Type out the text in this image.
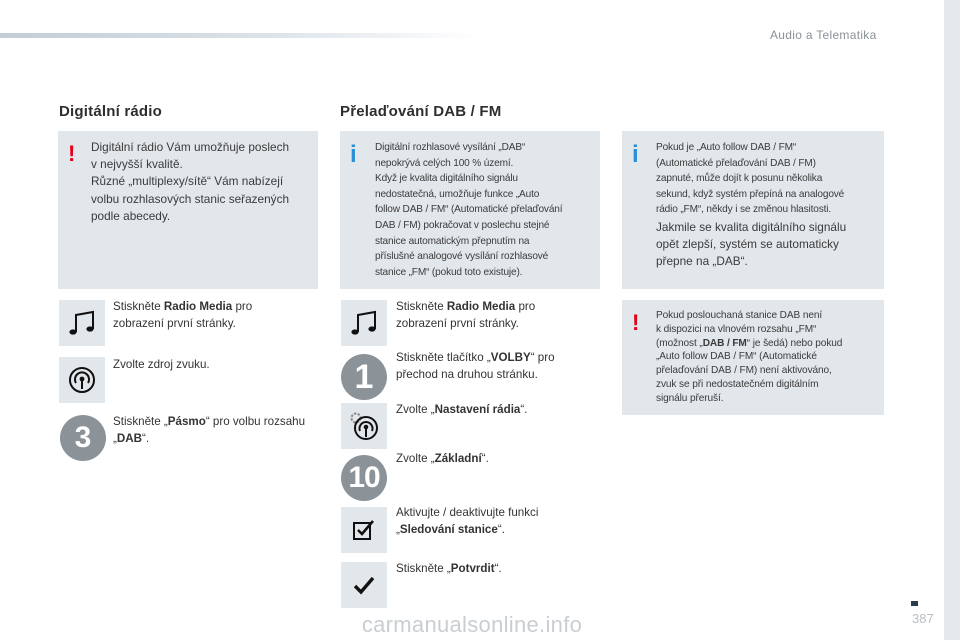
Audio a Telematika
Digitální rádio
! Digitální rádio Vám umožňuje poslech
v nejvyšší kvalitě.
Různé „multiplexy/sítě“ Vám nabízejí
volbu rozhlasových stanic seřazených
podle abecedy.
Stiskněte Radio Media pro
zobrazení první stránky.
Zvolte zdroj zvuku.
3	Stiskněte „Pásmo“ pro volbu rozsahu
„DAB“.
Přelaďování DAB / FM
i Digitální rozhlasové vysílání „DAB“
nepokrývá celých 100 % území.
Když je kvalita digitálního signálu
nedostatečná, umožňuje funkce „Auto
follow DAB / FM“ (Automatické přelaďování
DAB / FM) pokračovat v poslechu stejné
stanice automatickým přepnutím na
příslušné analogové vysílání rozhlasové
stanice „FM“ (pokud toto existuje).
i Pokud je „Auto follow DAB / FM“
(Automatické přelaďování DAB / FM)
zapnuté, může dojít k posunu několika
sekund, když systém přepíná na analogové
rádio „FM“, někdy i se změnou hlasitosti.
Jakmile se kvalita digitálního signálu
opět zlepší, systém se automaticky
přepne na „DAB“.
! Pokud poslouchaná stanice DAB není
k dispozici na vlnovém rozsahu „FM“
(možnost „DAB / FM“ je šedá) nebo pokud
„Auto follow DAB / FM“ (Automatické
přelaďování DAB / FM) není aktivováno,
zvuk se při nedostatečném digitálním
signálu přeruší.
Stiskněte Radio Media pro
zobrazení první stránky.
1	Stiskněte tlačítko „VOLBY“ pro
přechod na druhou stránku.
Zvolte „Nastavení rádia“.
10
Zvolte „Základní“.
Aktivujte / deaktivujte funkci
„Sledování stanice“.
Stiskněte „Potvrdit“.
387
carmanualsonline.info
